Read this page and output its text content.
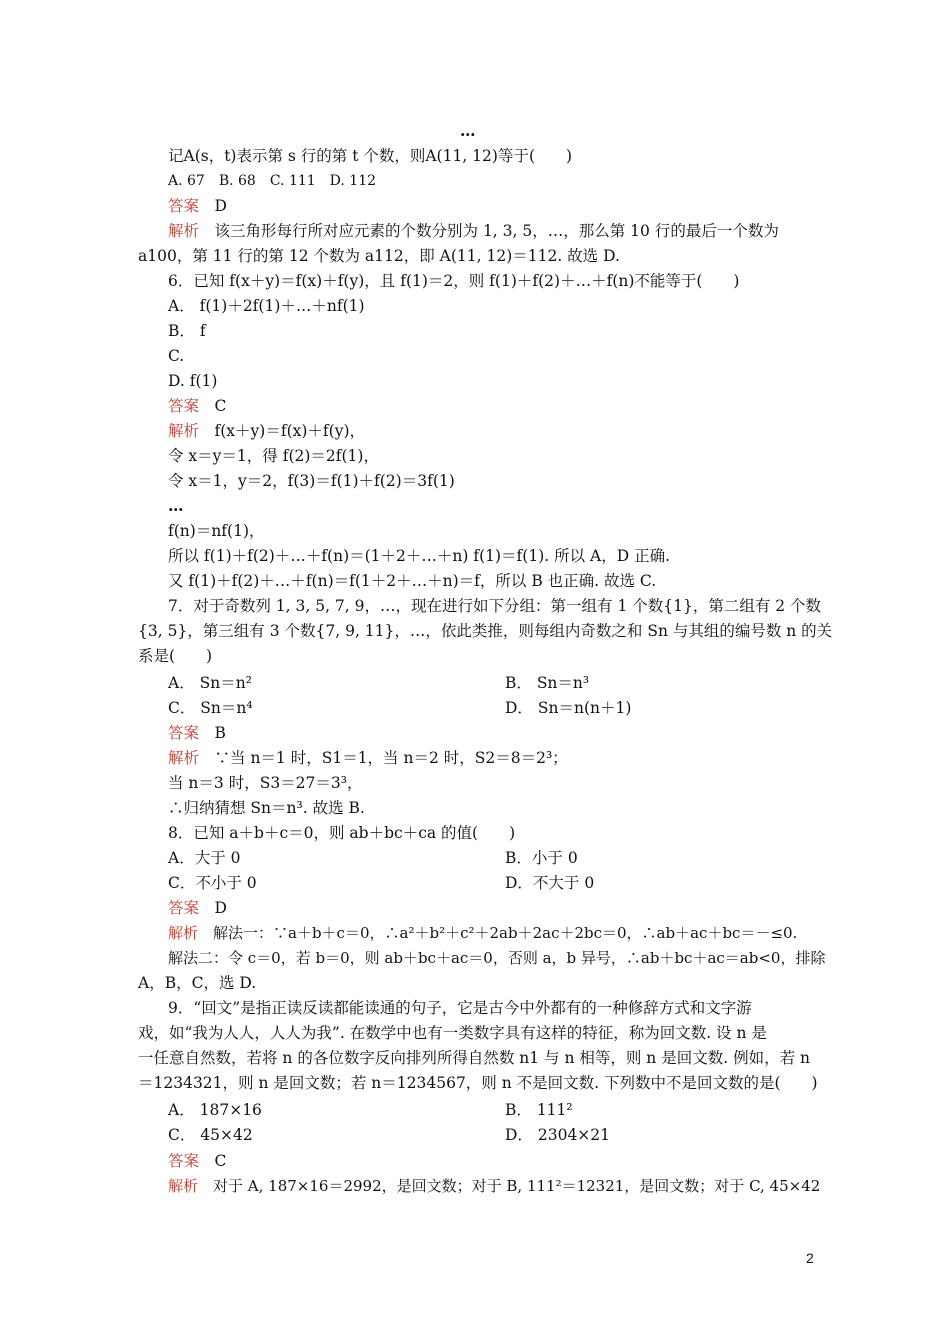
…
记A(s，t)表示第 s 行的第 t 个数，则A(11, 12)等于(　　)
A. 67　B. 68　C. 111　D. 112
答案　D
解析　该三角形每行所对应元素的个数分别为 1, 3, 5，…，那么第 10 行的最后一个数为
a100，第 11 行的第 12 个数为 a112，即 A(11, 12)＝112. 故选 D.
6．已知 f(x＋y)＝f(x)＋f(y)，且 f(1)＝2，则 f(1)＋f(2)＋…＋f(n)不能等于(　　)
A． f(1)＋2f(1)＋…＋nf(1)
B． f
C.
D. f(1)
答案　C
解析　f(x＋y)＝f(x)＋f(y)，
令 x＝y＝1，得 f(2)＝2f(1)，
令 x＝1，y＝2，f(3)＝f(1)＋f(2)＝3f(1)
…
f(n)＝nf(1)，
所以 f(1)＋f(2)＋…＋f(n)＝(1＋2＋…＋n) f(1)＝f(1). 所以 A，D 正确.
又 f(1)＋f(2)＋…＋f(n)＝f(1＋2＋…＋n)＝f，所以 B 也正确. 故选 C.
7．对于奇数列 1, 3, 5, 7, 9，…，现在进行如下分组：第一组有 1 个数{1}，第二组有 2 个数
{3, 5}，第三组有 3 个数{7, 9, 11}，…，依此类推，则每组内奇数之和 Sn 与其组的编号数 n 的关
系是(　　)
A． Sn＝n²	B． Sn＝n³
C． Sn＝n⁴	D． Sn＝n(n＋1)
答案　B
解析　∵当 n＝1 时，S1＝1，当 n＝2 时，S2＝8＝2³；
当 n＝3 时，S3＝27＝3³，
∴归纳猜想 Sn＝n³. 故选 B.
8．已知 a＋b＋c＝0，则 ab＋bc＋ca 的值(　　)
A．大于 0	B．小于 0
C．不小于 0	D．不大于 0
答案　D
解析　解法一：∵a＋b＋c＝0，∴a²＋b²＋c²＋2ab＋2ac＋2bc＝0，∴ab＋ac＋bc＝－≤0.
解法二：令 c＝0，若 b＝0，则 ab＋bc＋ac＝0，否则 a，b 异号，∴ab＋bc＋ac＝ab<0，排除
A，B，C，选 D.
9．“回文”是指正读反读都能读通的句子，它是古今中外都有的一种修辞方式和文字游
戏，如“我为人人，人人为我”. 在数学中也有一类数字具有这样的特征，称为回文数. 设 n 是
一任意自然数，若将 n 的各位数字反向排列所得自然数 n1 与 n 相等，则 n 是回文数. 例如，若 n
＝1234321，则 n 是回文数；若 n＝1234567，则 n 不是回文数. 下列数中不是回文数的是(　　)
A． 187×16	B． 111²
C． 45×42	D． 2304×21
答案　C
解析　对于 A, 187×16＝2992，是回文数；对于 B, 111²＝12321，是回文数；对于 C, 45×42
2
